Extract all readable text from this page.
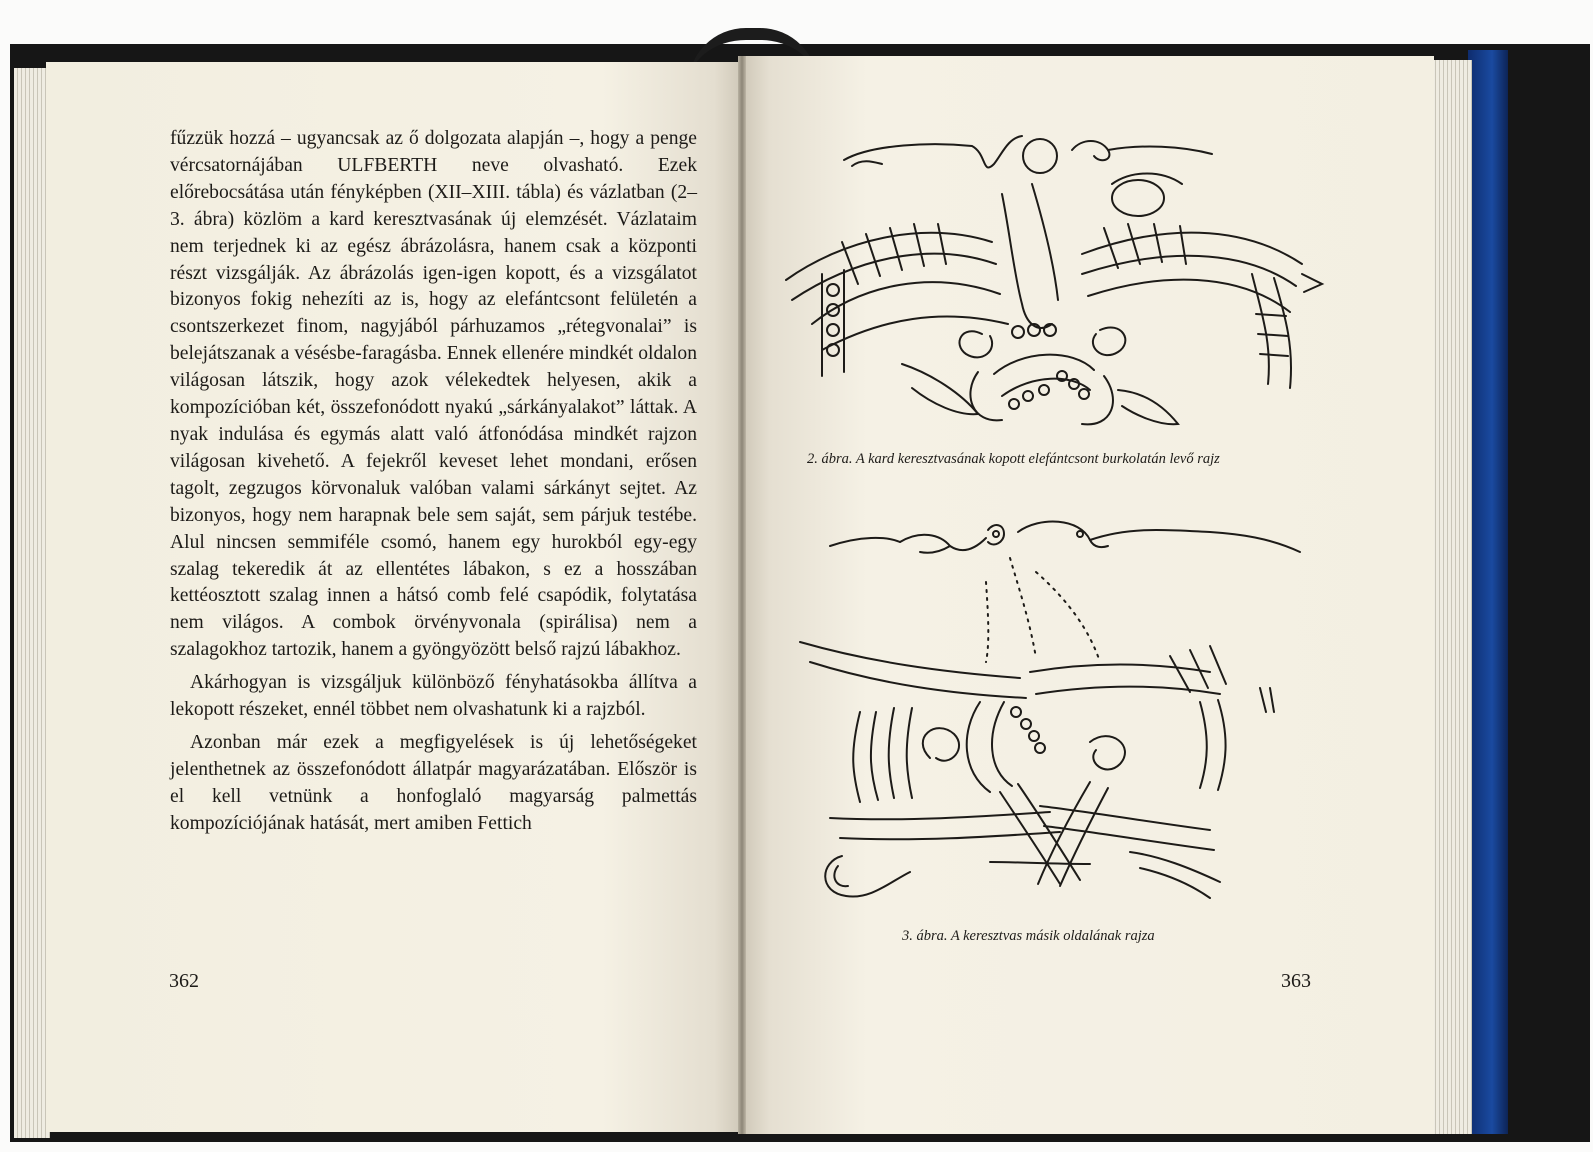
fűzzük hozzá – ugyancsak az ő dolgozata alapján –, hogy a penge vércsatornájában ULFBERTH neve olvasható. Ezek előrebocsátása után fényképben (XII–XIII. tábla) és vázlatban (2–3. ábra) közlöm a kard keresztvasának új elemzését. Vázlataim nem terjednek ki az egész ábrázolásra, hanem csak a központi részt vizsgálják. Az ábrázolás igen-igen kopott, és a vizsgálatot bizonyos fokig nehezíti az is, hogy az elefántcsont felületén a csontszerkezet finom, nagyjából párhuzamos „rétegvonalai” is belejátszanak a vésésbe-faragásba. Ennek ellenére mindkét oldalon világosan látszik, hogy azok vélekedtek helyesen, akik a kompozícióban két, összefonódott nyakú „sárkányalakot” láttak. A nyak indulása és egymás alatt való átfonódása mindkét rajzon világosan kivehető. A fejekről keveset lehet mondani, erősen tagolt, zegzugos körvonaluk valóban valami sárkányt sejtet. Az bizonyos, hogy nem harapnak bele sem saját, sem párjuk testébe. Alul nincsen semmiféle csomó, hanem egy hurokból egy-egy szalag tekeredik át az ellentétes lábakon, s ez a hosszában kettéosztott szalag innen a hátsó comb felé csapódik, folytatása nem világos. A combok örvényvonala (spirálisa) nem a szalagokhoz tartozik, hanem a gyöngyözött belső rajzú lábakhoz.

Akárhogyan is vizsgáljuk különböző fényhatásokba állítva a lekopott részeket, ennél többet nem olvashatunk ki a rajzból.

Azonban már ezek a megfigyelések is új lehetőségeket jelenthetnek az összefonódott állatpár magyarázatában. Először is el kell vetnünk a honfoglaló magyarság palmettás kompozíciójának hatását, mert amiben Fettich

362	363
2. ábra. A kard keresztvasának kopott elefántcsont burkolatán levő rajz
3. ábra. A keresztvas másik oldalának rajza
